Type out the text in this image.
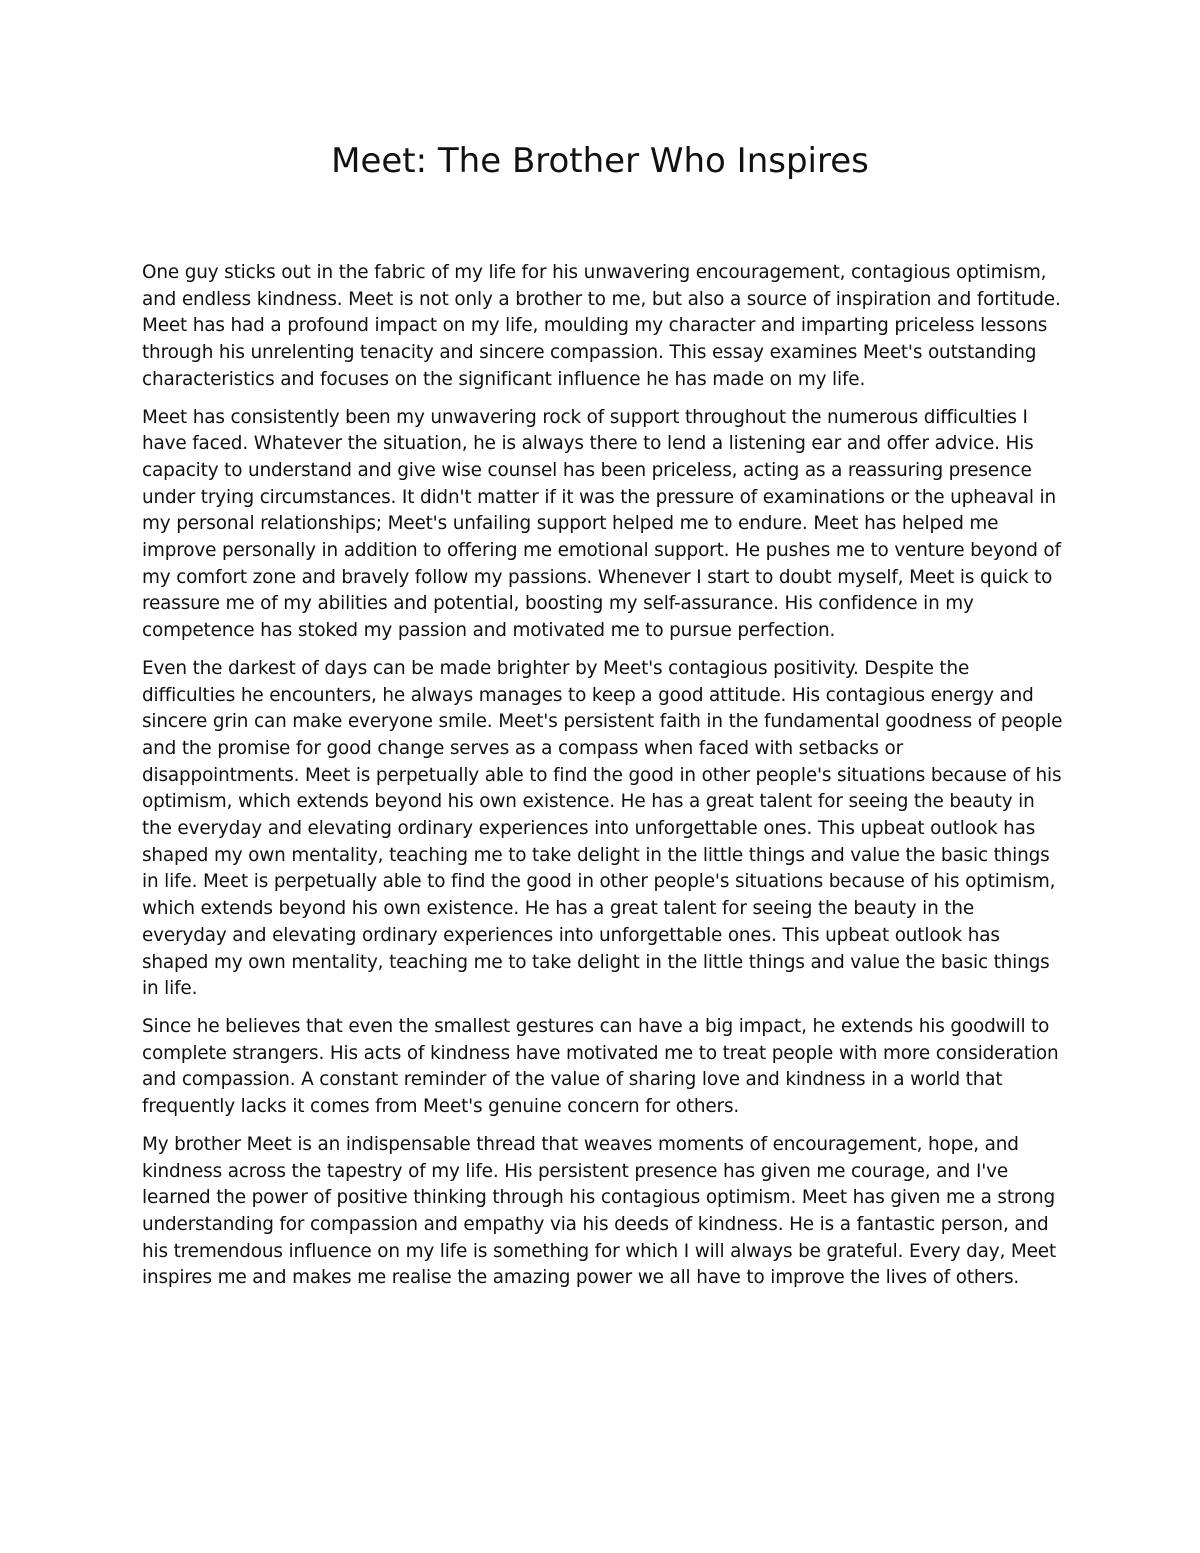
Meet: The Brother Who Inspires

One guy sticks out in the fabric of my life for his unwavering encouragement, contagious optimism, and endless kindness. Meet is not only a brother to me, but also a source of inspiration and fortitude. Meet has had a profound impact on my life, moulding my character and imparting priceless lessons through his unrelenting tenacity and sincere compassion. This essay examines Meet's outstanding characteristics and focuses on the significant influence he has made on my life.

Meet has consistently been my unwavering rock of support throughout the numerous difficulties I have faced. Whatever the situation, he is always there to lend a listening ear and offer advice. His capacity to understand and give wise counsel has been priceless, acting as a reassuring presence under trying circumstances. It didn't matter if it was the pressure of examinations or the upheaval in my personal relationships; Meet's unfailing support helped me to endure. Meet has helped me improve personally in addition to offering me emotional support. He pushes me to venture beyond of my comfort zone and bravely follow my passions. Whenever I start to doubt myself, Meet is quick to reassure me of my abilities and potential, boosting my self-assurance. His confidence in my competence has stoked my passion and motivated me to pursue perfection.

Even the darkest of days can be made brighter by Meet's contagious positivity. Despite the difficulties he encounters, he always manages to keep a good attitude. His contagious energy and sincere grin can make everyone smile. Meet's persistent faith in the fundamental goodness of people and the promise for good change serves as a compass when faced with setbacks or disappointments. Meet is perpetually able to find the good in other people's situations because of his optimism, which extends beyond his own existence. He has a great talent for seeing the beauty in the everyday and elevating ordinary experiences into unforgettable ones. This upbeat outlook has shaped my own mentality, teaching me to take delight in the little things and value the basic things in life. Meet is perpetually able to find the good in other people's situations because of his optimism, which extends beyond his own existence. He has a great talent for seeing the beauty in the everyday and elevating ordinary experiences into unforgettable ones. This upbeat outlook has shaped my own mentality, teaching me to take delight in the little things and value the basic things in life.

Since he believes that even the smallest gestures can have a big impact, he extends his goodwill to complete strangers. His acts of kindness have motivated me to treat people with more consideration and compassion. A constant reminder of the value of sharing love and kindness in a world that frequently lacks it comes from Meet's genuine concern for others.

My brother Meet is an indispensable thread that weaves moments of encouragement, hope, and kindness across the tapestry of my life. His persistent presence has given me courage, and I've learned the power of positive thinking through his contagious optimism. Meet has given me a strong understanding for compassion and empathy via his deeds of kindness. He is a fantastic person, and his tremendous influence on my life is something for which I will always be grateful. Every day, Meet inspires me and makes me realise the amazing power we all have to improve the lives of others.
